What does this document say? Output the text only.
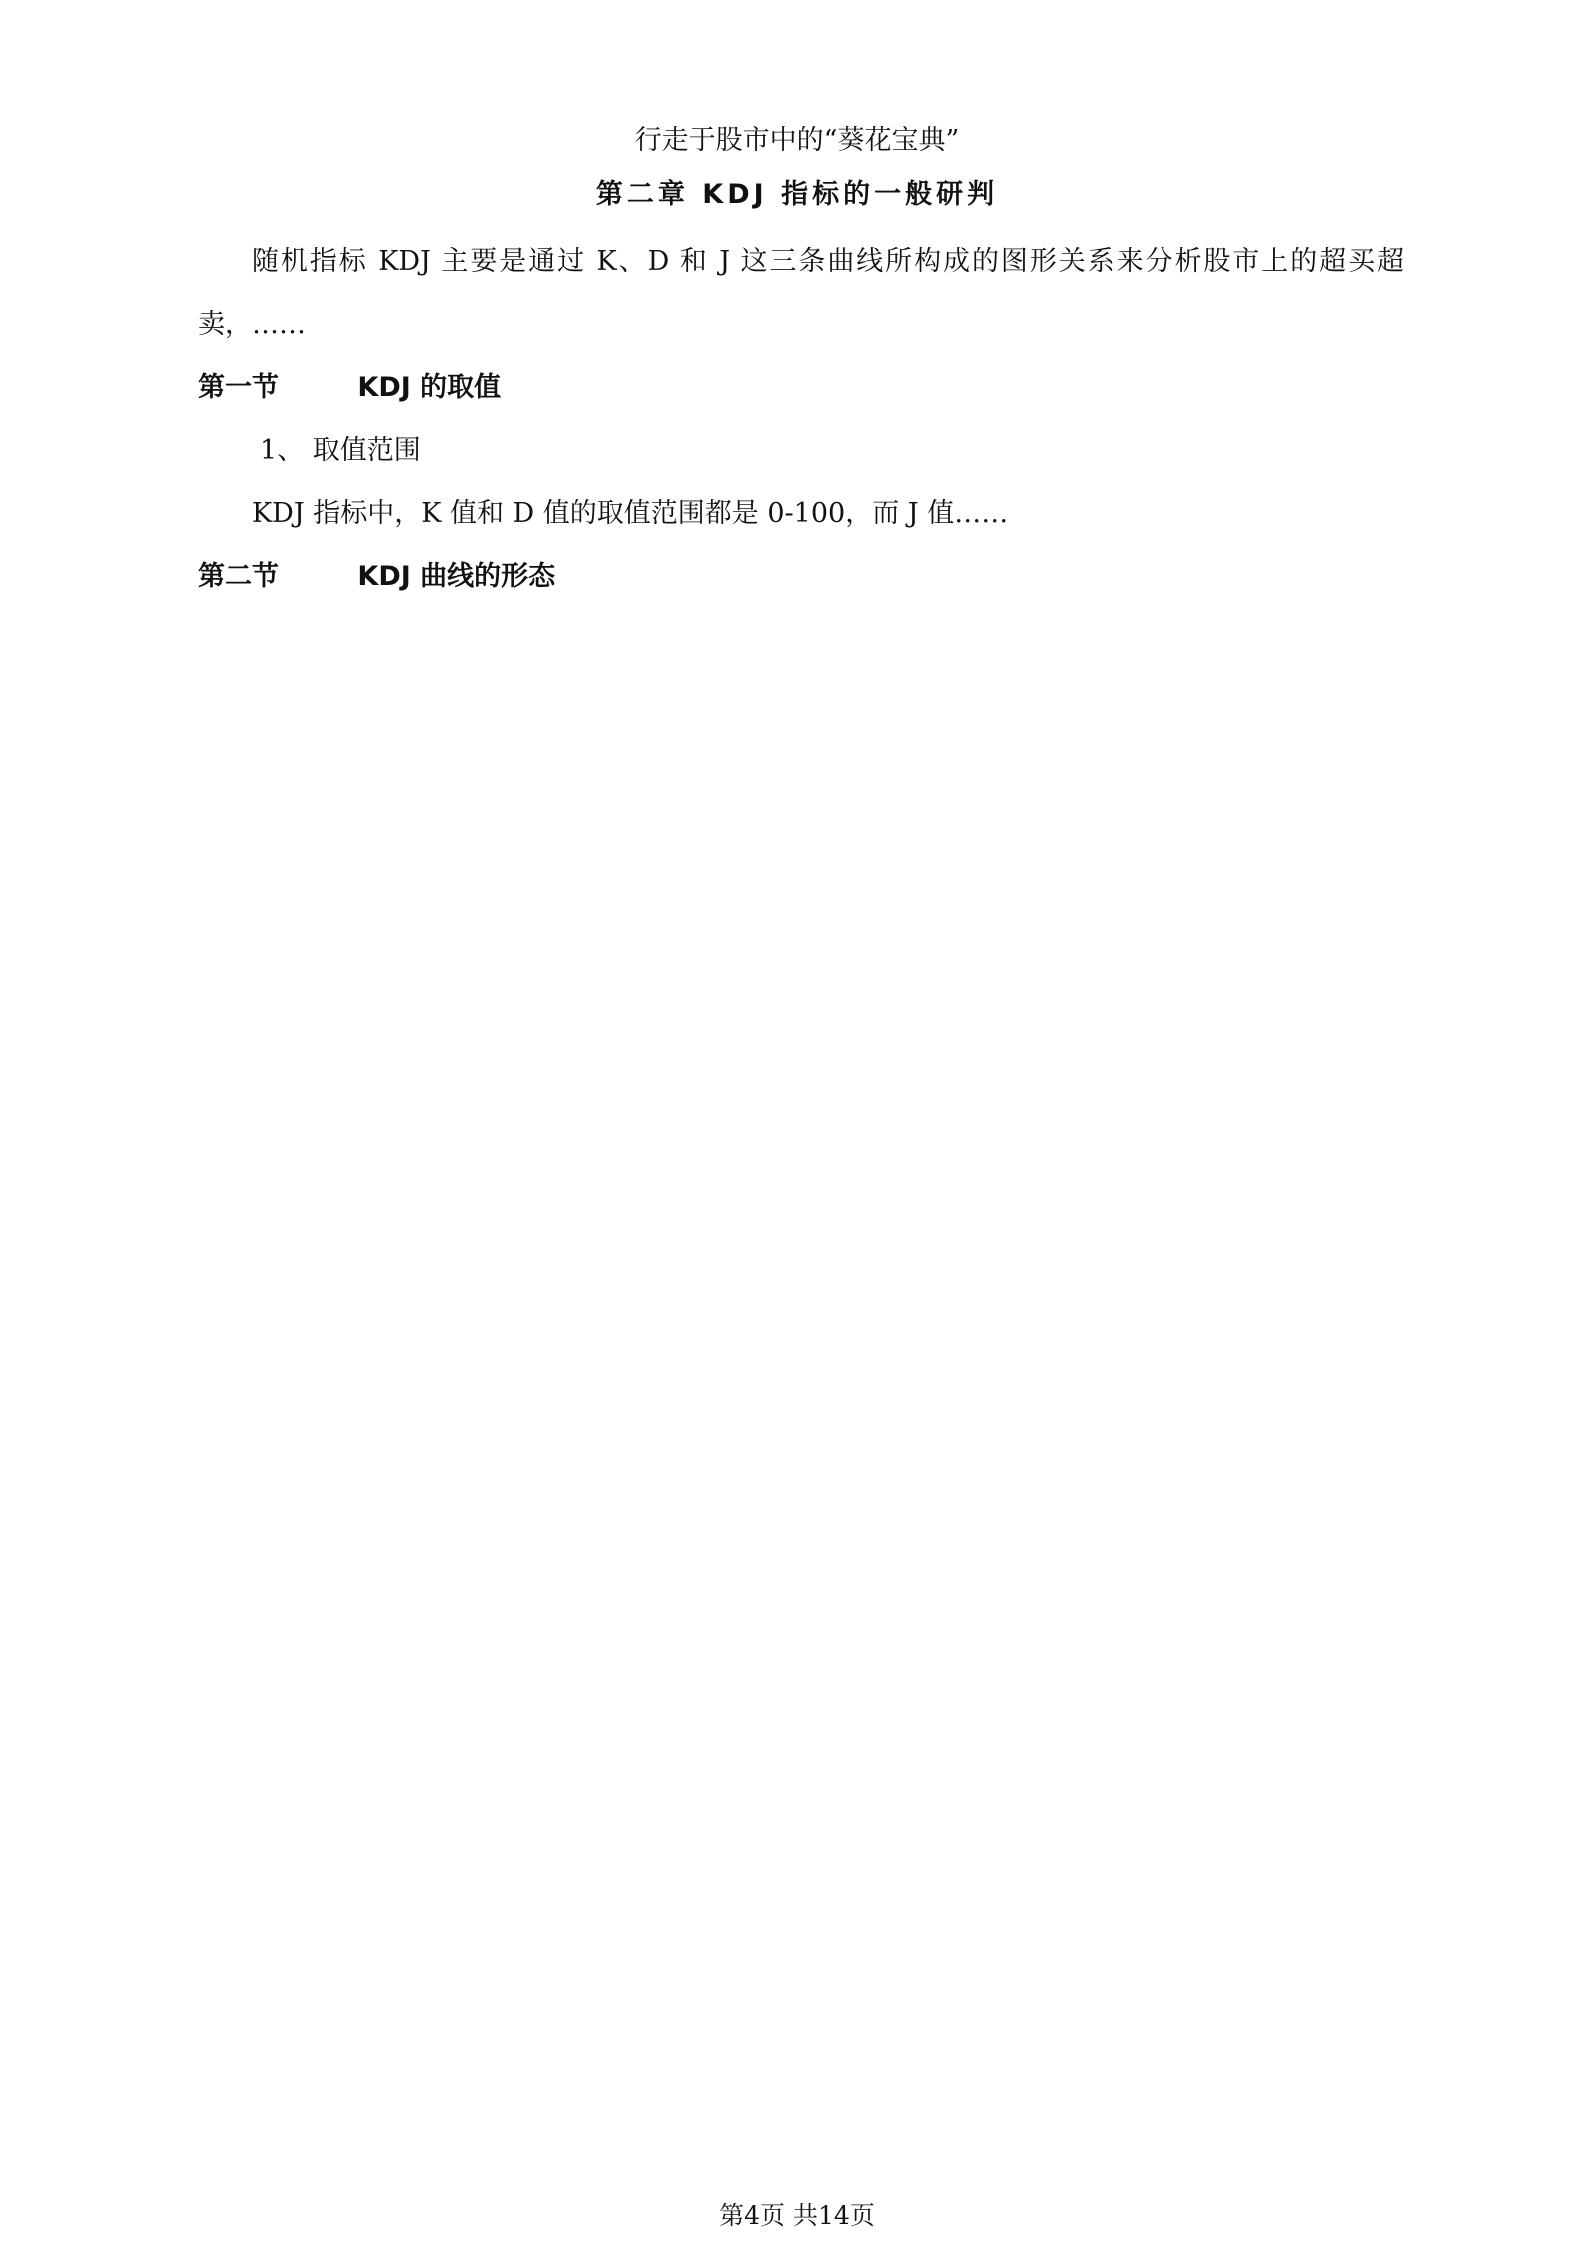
行走于股市中的“葵花宝典”
第二章 KDJ 指标的一般研判
随机指标 KDJ 主要是通过 K、D 和 J 这三条曲线所构成的图形关系来分析股市上的超买超卖，……
第一节	KDJ 的取值
1、 取值范围
KDJ 指标中，K 值和 D 值的取值范围都是 0-100，而 J 值……
第二节	KDJ 曲线的形态
第4页 共14页
